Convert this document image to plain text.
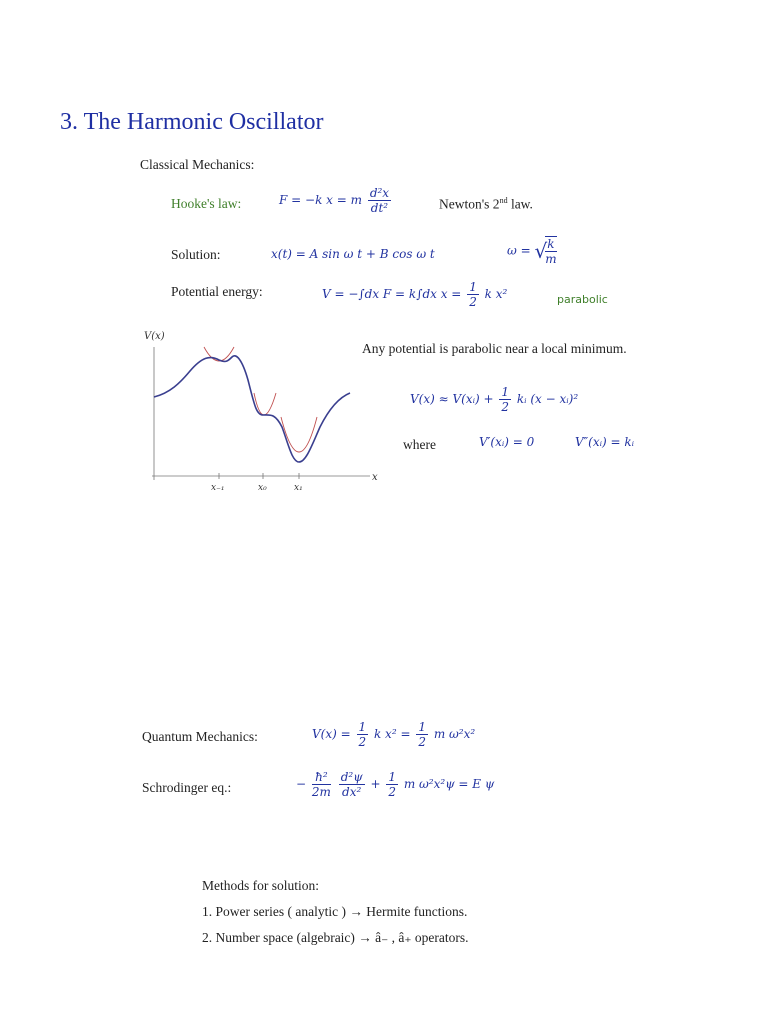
3. The Harmonic Oscillator
Classical Mechanics:
Hooke's law:	F = −k x = m $\frac{\text{d²x}}{\text{dt²}}$	Newton's 2nd law.
Solution:	x(t) = A sin ω t + B cos ω t	ω = √
$\frac{k}{m}$
Potential energy:	V = −∫dx F = k∫dx $x = \frac{1}{2}$ k x²	parabolic
V(x)
x
x₋₁	x₀	x₁
Any potential is parabolic near a local minimum.
V(x) ≈ V(xᵢ) + $\frac{1}{2}$ kᵢ (x − xᵢ)²
where	V′(xᵢ) = 0	V″(xᵢ) = kᵢ
Quantum Mechanics:	$V(x) = \frac{1}{2}$ k $x^2 = \frac{1}{2}$ m ω²x²
Schrodinger eq.:	− $\frac{\text{ħ²}}{2m}$
$\frac{\text{d²ψ}}{\text{dx²}} + \frac{1}{2}$ m ω²x²ψ = E ψ
Methods for solution:
1. Power series ( analytic ) → Hermite functions.
2. Number space (algebraic) → â₋ , â₊ operators.
